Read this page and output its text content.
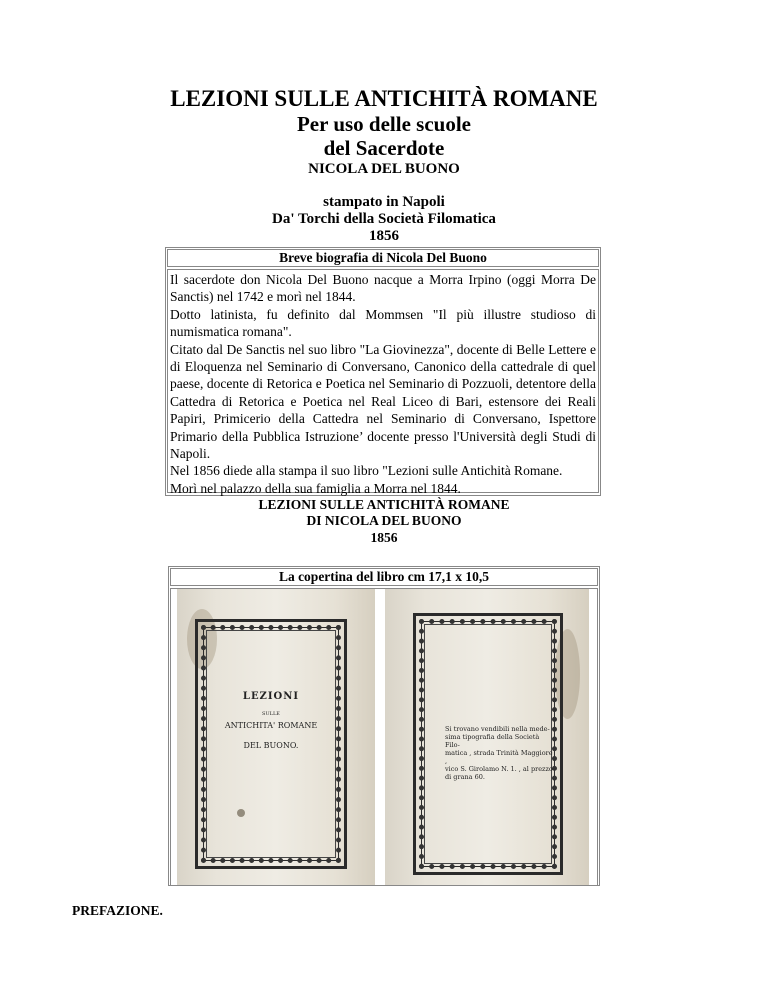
LEZIONI SULLE ANTICHITÀ ROMANE
Per uso delle scuole
del Sacerdote
NICOLA DEL BUONO
stampato in Napoli
Da' Torchi della Società Filomatica
1856
Breve biografia di Nicola Del Buono

Il sacerdote don Nicola Del Buono nacque a Morra Irpino (oggi Morra De Sanctis) nel 1742 e morì nel 1844.

Dotto latinista, fu definito dal Mommsen "Il più illustre studioso di numismatica romana".

Citato dal De Sanctis nel suo libro "La Giovinezza", docente di Belle Lettere e di Eloquenza nel Seminario di Conversano, Canonico della cattedrale di quel paese, docente di Retorica e Poetica nel Seminario di Pozzuoli, detentore della Cattedra di Retorica e Poetica nel Real Liceo di Bari, estensore dei Reali Papiri, Primicerio della Cattedra nel Seminario di Conversano, Ispettore Primario della Pubblica Istruzione’ docente presso l'Università degli Studi di Napoli.

Nel 1856 diede alla stampa il suo libro "Lezioni sulle Antichità Romane.

Morì nel palazzo della sua famiglia a Morra nel 1844.

LEZIONI SULLE ANTICHITÀ ROMANE
DI NICOLA DEL BUONO
1856
La copertina del libro cm 17,1 x 10,5
LEZIONI
SULLE
ANTICHITA' ROMANE
DEL BUONO.
Si trovano vendibili nella mede-
sima tipografia della Società Filo-
matica , strada Trinità Maggiore ,
vico S. Girolamo N. 1. , al prezzo
di grana 60.
PREFAZIONE.
